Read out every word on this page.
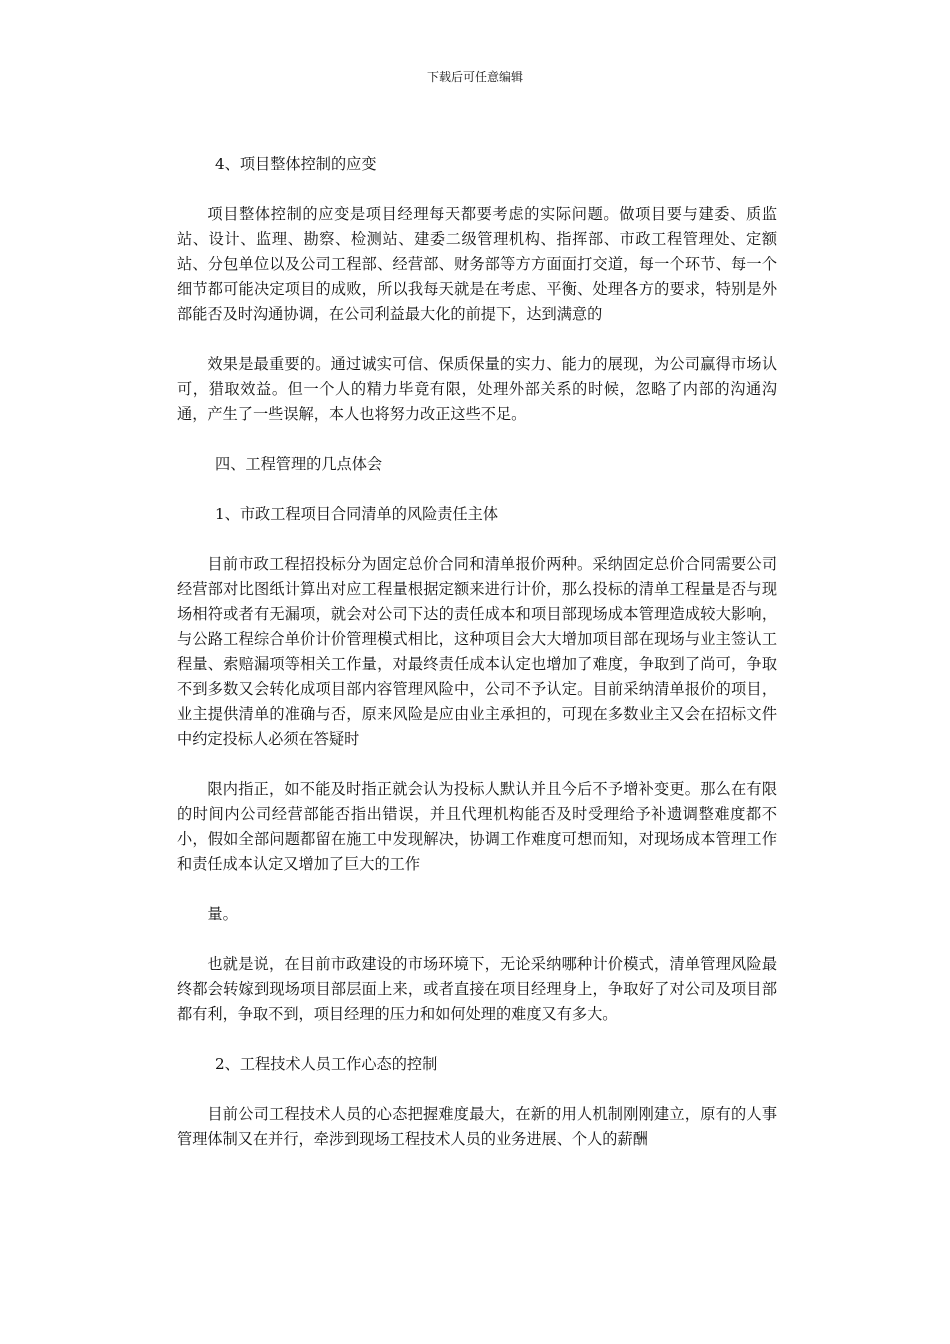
下载后可任意编辑

4、项目整体控制的应变

项目整体控制的应变是项目经理每天都要考虑的实际问题。做项目要与建委、质监站、设计、监理、勘察、检测站、建委二级管理机构、指挥部、市政工程管理处、定额站、分包单位以及公司工程部、经营部、财务部等方方面面打交道，每一个环节、每一个细节都可能决定项目的成败，所以我每天就是在考虑、平衡、处理各方的要求，特别是外部能否及时沟通协调，在公司利益最大化的前提下，达到满意的

效果是最重要的。通过诚实可信、保质保量的实力、能力的展现，为公司赢得市场认可，猎取效益。但一个人的精力毕竟有限，处理外部关系的时候，忽略了内部的沟通沟通，产生了一些误解，本人也将努力改正这些不足。

四、工程管理的几点体会

1、市政工程项目合同清单的风险责任主体

目前市政工程招投标分为固定总价合同和清单报价两种。采纳固定总价合同需要公司经营部对比图纸计算出对应工程量根据定额来进行计价，那么投标的清单工程量是否与现场相符或者有无漏项，就会对公司下达的责任成本和项目部现场成本管理造成较大影响，与公路工程综合单价计价管理模式相比，这种项目会大大增加项目部在现场与业主签认工程量、索赔漏项等相关工作量，对最终责任成本认定也增加了难度，争取到了尚可，争取不到多数又会转化成项目部内容管理风险中，公司不予认定。目前采纳清单报价的项目，业主提供清单的准确与否，原来风险是应由业主承担的，可现在多数业主又会在招标文件中约定投标人必须在答疑时

限内指正，如不能及时指正就会认为投标人默认并且今后不予增补变更。那么在有限的时间内公司经营部能否指出错误，并且代理机构能否及时受理给予补遗调整难度都不小，假如全部问题都留在施工中发现解决，协调工作难度可想而知，对现场成本管理工作和责任成本认定又增加了巨大的工作

量。

也就是说，在目前市政建设的市场环境下，无论采纳哪种计价模式，清单管理风险最终都会转嫁到现场项目部层面上来，或者直接在项目经理身上，争取好了对公司及项目部都有利，争取不到，项目经理的压力和如何处理的难度又有多大。

2、工程技术人员工作心态的控制

目前公司工程技术人员的心态把握难度最大，在新的用人机制刚刚建立，原有的人事管理体制又在并行，牵涉到现场工程技术人员的业务进展、个人的薪酬
